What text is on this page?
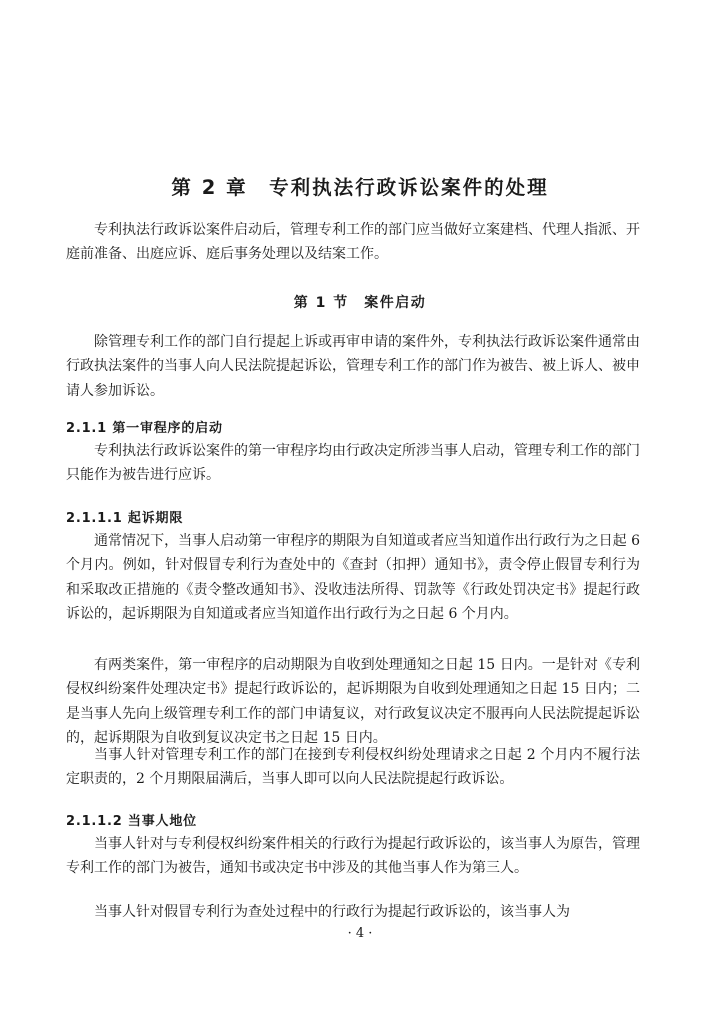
第 2 章　专利执法行政诉讼案件的处理

专利执法行政诉讼案件启动后，管理专利工作的部门应当做好立案建档、代理人指派、开庭前准备、出庭应诉、庭后事务处理以及结案工作。

第 1 节　案件启动

除管理专利工作的部门自行提起上诉或再审申请的案件外，专利执法行政诉讼案件通常由行政执法案件的当事人向人民法院提起诉讼，管理专利工作的部门作为被告、被上诉人、被申请人参加诉讼。

2.1.1 第一审程序的启动

专利执法行政诉讼案件的第一审程序均由行政决定所涉当事人启动，管理专利工作的部门只能作为被告进行应诉。

2.1.1.1 起诉期限

通常情况下，当事人启动第一审程序的期限为自知道或者应当知道作出行政行为之日起 6 个月内。例如，针对假冒专利行为查处中的《查封（扣押）通知书》，责令停止假冒专利行为和采取改正措施的《责令整改通知书》、没收违法所得、罚款等《行政处罚决定书》提起行政诉讼的，起诉期限为自知道或者应当知道作出行政行为之日起 6 个月内。

有两类案件，第一审程序的启动期限为自收到处理通知之日起 15 日内。一是针对《专利侵权纠纷案件处理决定书》提起行政诉讼的，起诉期限为自收到处理通知之日起 15 日内；二是当事人先向上级管理专利工作的部门申请复议，对行政复议决定不服再向人民法院提起诉讼的，起诉期限为自收到复议决定书之日起 15 日内。

当事人针对管理专利工作的部门在接到专利侵权纠纷处理请求之日起 2 个月内不履行法定职责的，2 个月期限届满后，当事人即可以向人民法院提起行政诉讼。

2.1.1.2 当事人地位

当事人针对与专利侵权纠纷案件相关的行政行为提起行政诉讼的，该当事人为原告，管理专利工作的部门为被告，通知书或决定书中涉及的其他当事人作为第三人。

当事人针对假冒专利行为查处过程中的行政行为提起行政诉讼的，该当事人为

· 4 ·
